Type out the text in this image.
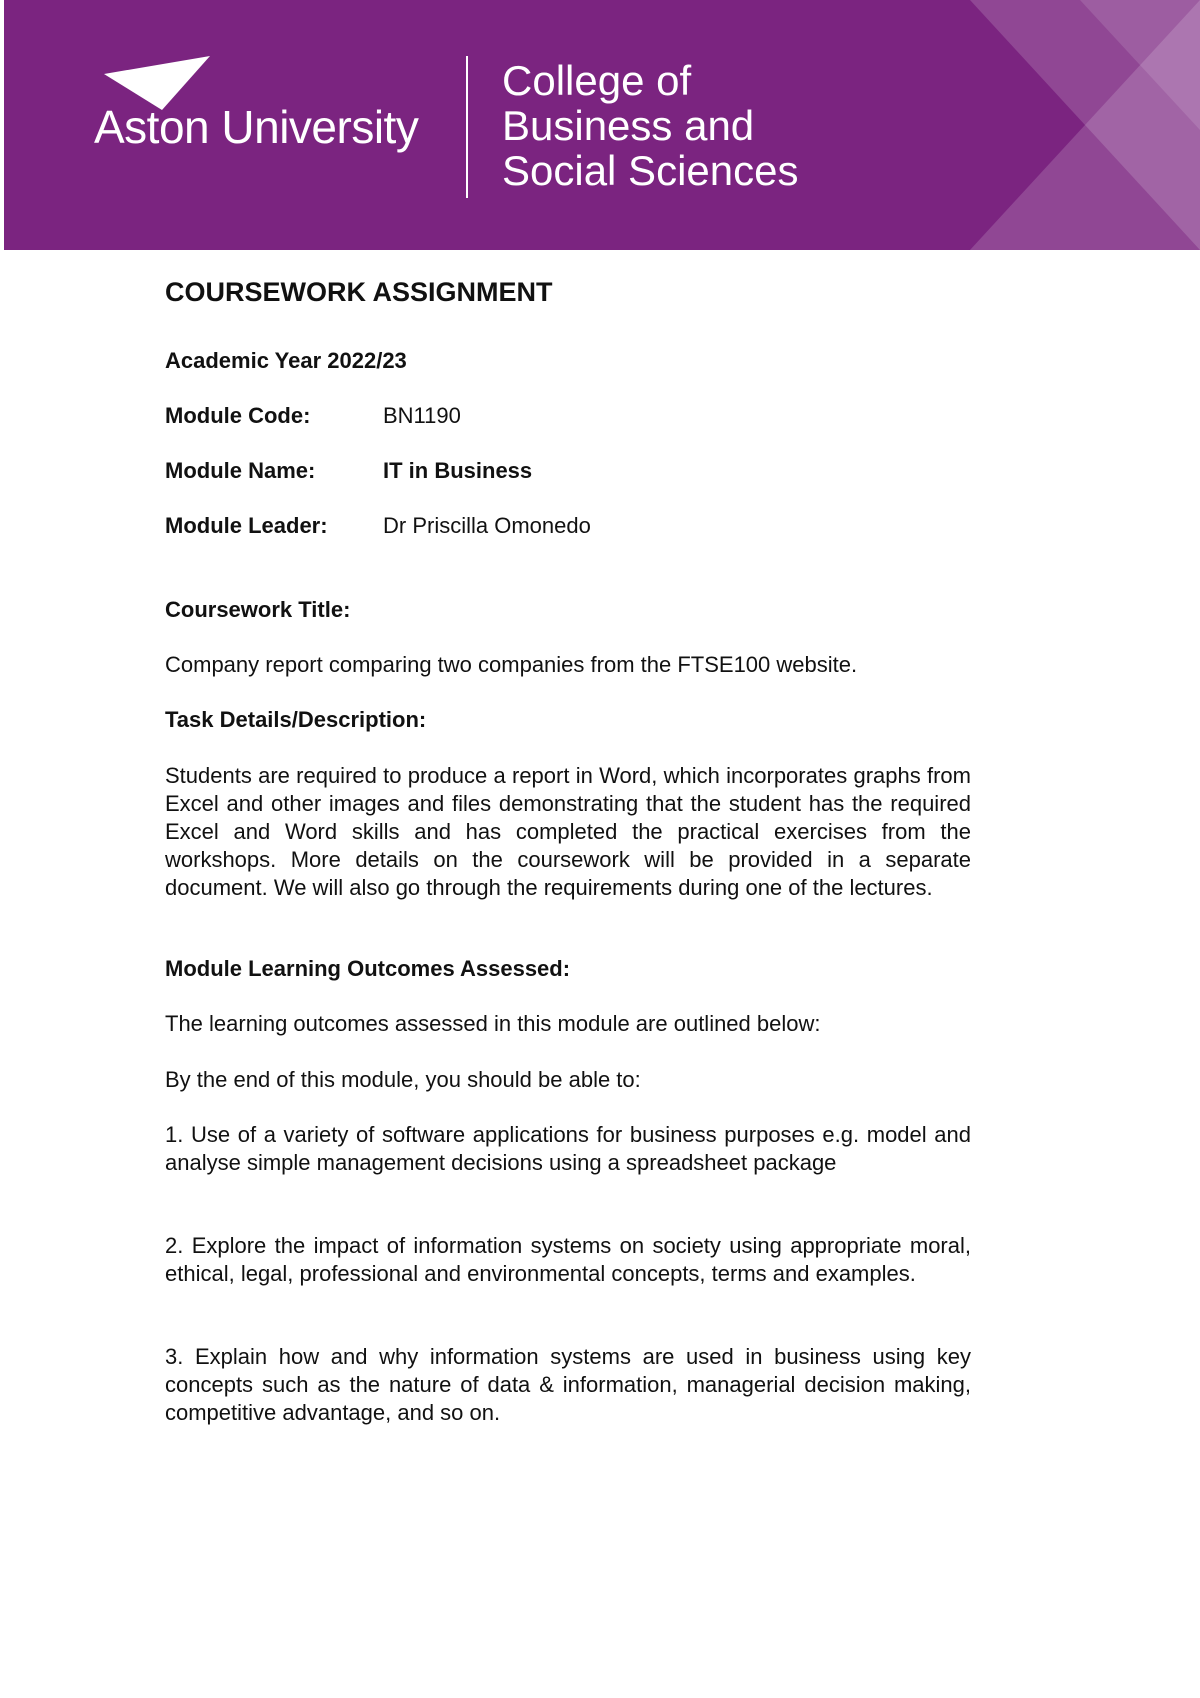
Aston University
College of
Business and
Social Sciences
COURSEWORK ASSIGNMENT
Academic Year 2022/23
Module Code:	BN1190
Module Name:	IT in Business
Module Leader:	Dr Priscilla Omonedo
Coursework Title:
Company report comparing two companies from the FTSE100 website.
Task Details/Description:
Students are required to produce a report in Word, which incorporates graphs from Excel and other images and files demonstrating that the student has the required Excel and Word skills and has completed the practical exercises from the workshops. More details on the coursework will be provided in a separate document. We will also go through the requirements during one of the lectures.
Module Learning Outcomes Assessed:
The learning outcomes assessed in this module are outlined below:
By the end of this module, you should be able to:
1. Use of a variety of software applications for business purposes e.g. model and analyse simple management decisions using a spreadsheet package
2. Explore the impact of information systems on society using appropriate moral, ethical, legal, professional and environmental concepts, terms and examples.
3. Explain how and why information systems are used in business using key concepts such as the nature of data & information, managerial decision making, competitive advantage, and so on.
